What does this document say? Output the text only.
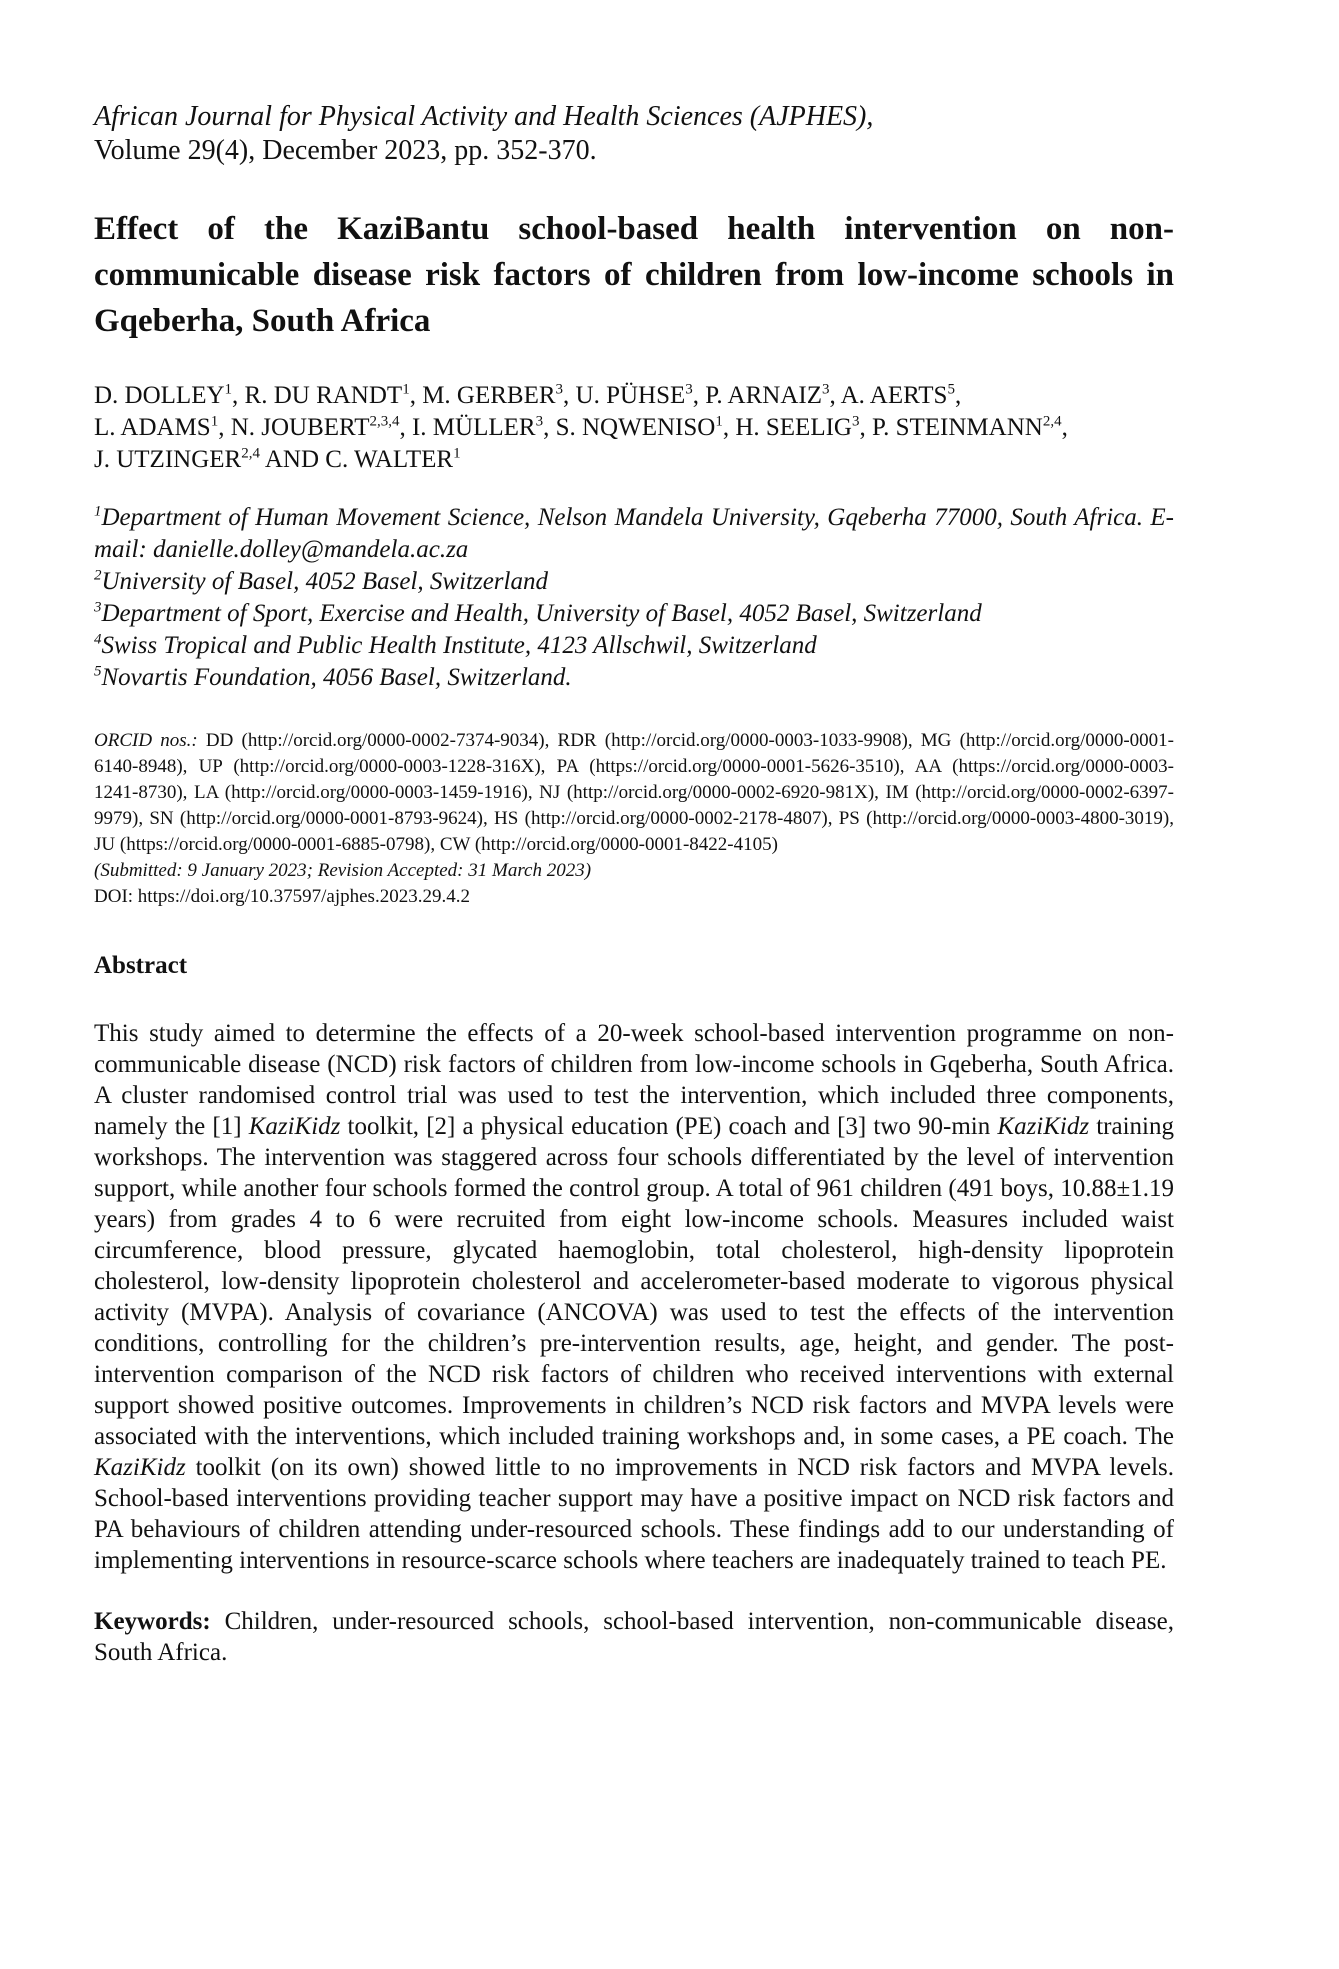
African Journal for Physical Activity and Health Sciences (AJPHES),
Volume 29(4), December 2023, pp. 352-370.
Effect of the KaziBantu school-based health intervention on non-communicable disease risk factors of children from low-income schools in Gqeberha, South Africa
D. DOLLEY$^1$, R. DU RANDT$^1$, M. GERBER$^3$, U. PÜHSE$^3$, P. ARNAIZ$^3$, A. AERTS$^5$,
L. ADAMS$^1$, N. JOUBERT$^{2,3,4}$, I. MÜLLER$^3$, S. NQWENISO$^1$, H. SEELIG$^3$, P. STEINMANN$^{2,4}$,
J. UTZINGER$^{2,4}$ AND C. WALTER$^1$
$^1$Department of Human Movement Science, Nelson Mandela University, Gqeberha 77000, South Africa. E-mail: danielle.dolley@mandela.ac.za
$^2$University of Basel, 4052 Basel, Switzerland
$^3$Department of Sport, Exercise and Health, University of Basel, 4052 Basel, Switzerland
$^4$Swiss Tropical and Public Health Institute, 4123 Allschwil, Switzerland
$^5$Novartis Foundation, 4056 Basel, Switzerland.
ORCID nos.: DD (http://orcid.org/0000-0002-7374-9034), RDR (http://orcid.org/0000-0003-1033-9908), MG (http://orcid.org/0000-0001-6140-8948), UP (http://orcid.org/0000-0003-1228-316X), PA (https://orcid.org/0000-0001-5626-3510), AA (https://orcid.org/0000-0003-1241-8730), LA (http://orcid.org/0000-0003-1459-1916), NJ (http://orcid.org/0000-0002-6920-981X), IM (http://orcid.org/0000-0002-6397-9979), SN (http://orcid.org/0000-0001-8793-9624), HS (http://orcid.org/0000-0002-2178-4807), PS (http://orcid.org/0000-0003-4800-3019), JU (https://orcid.org/0000-0001-6885-0798), CW (http://orcid.org/0000-0001-8422-4105)
(Submitted: 9 January 2023; Revision Accepted: 31 March 2023)
DOI: https://doi.org/10.37597/ajphes.2023.29.4.2
Abstract

This study aimed to determine the effects of a 20-week school-based intervention programme on non-communicable disease (NCD) risk factors of children from low-income schools in Gqeberha, South Africa. A cluster randomised control trial was used to test the intervention, which included three components, namely the [1] KaziKidz toolkit, [2] a physical education (PE) coach and [3] two 90-min KaziKidz training workshops. The intervention was staggered across four schools differentiated by the level of intervention support, while another four schools formed the control group. A total of 961 children (491 boys, 10.88±1.19 years) from grades 4 to 6 were recruited from eight low-income schools. Measures included waist circumference, blood pressure, glycated haemoglobin, total cholesterol, high-density lipoprotein cholesterol, low-density lipoprotein cholesterol and accelerometer-based moderate to vigorous physical activity (MVPA). Analysis of covariance (ANCOVA) was used to test the effects of the intervention conditions, controlling for the children’s pre-intervention results, age, height, and gender. The post-intervention comparison of the NCD risk factors of children who received interventions with external support showed positive outcomes. Improvements in children’s NCD risk factors and MVPA levels were associated with the interventions, which included training workshops and, in some cases, a PE coach. The KaziKidz toolkit (on its own) showed little to no improvements in NCD risk factors and MVPA levels. School-based interventions providing teacher support may have a positive impact on NCD risk factors and PA behaviours of children attending under-resourced schools. These findings add to our understanding of implementing interventions in resource-scarce schools where teachers are inadequately trained to teach PE.

Keywords: Children, under-resourced schools, school-based intervention, non-communicable disease, South Africa.
